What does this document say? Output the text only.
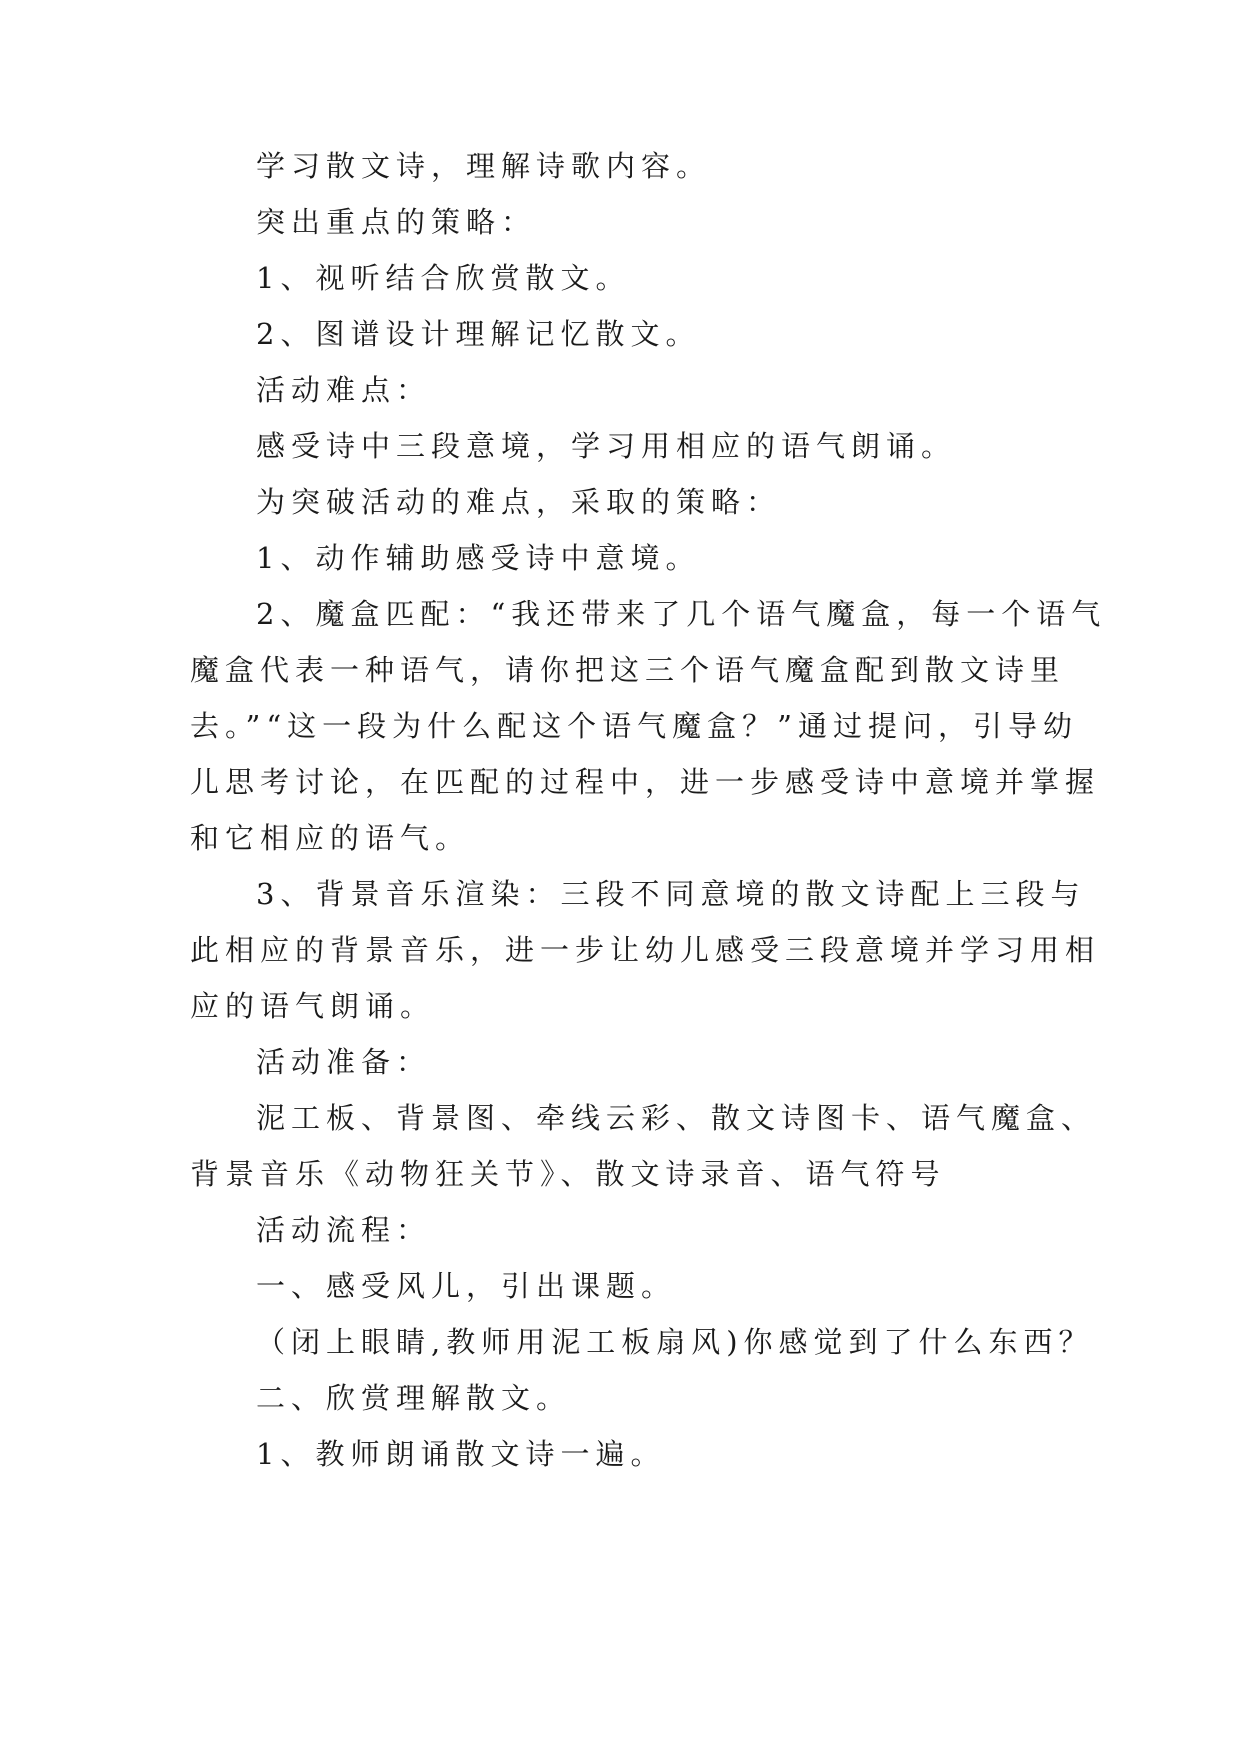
学习散文诗，理解诗歌内容。
突出重点的策略：
1、视听结合欣赏散文。
2、图谱设计理解记忆散文。
活动难点：
感受诗中三段意境，学习用相应的语气朗诵。
为突破活动的难点，采取的策略：
1、动作辅助感受诗中意境。
2、魔盒匹配：“我还带来了几个语气魔盒，每一个语气
魔盒代表一种语气，请你把这三个语气魔盒配到散文诗里
去。”“这一段为什么配这个语气魔盒？”通过提问，引导幼
儿思考讨论，在匹配的过程中，进一步感受诗中意境并掌握
和它相应的语气。
3、背景音乐渲染：三段不同意境的散文诗配上三段与
此相应的背景音乐，进一步让幼儿感受三段意境并学习用相
应的语气朗诵。
活动准备：
泥工板、背景图、牵线云彩、散文诗图卡、语气魔盒、
背景音乐《动物狂关节》、散文诗录音、语气符号
活动流程：
一、感受风儿，引出课题。
（闭上眼睛,教师用泥工板扇风)你感觉到了什么东西？
二、欣赏理解散文。
1、教师朗诵散文诗一遍。
